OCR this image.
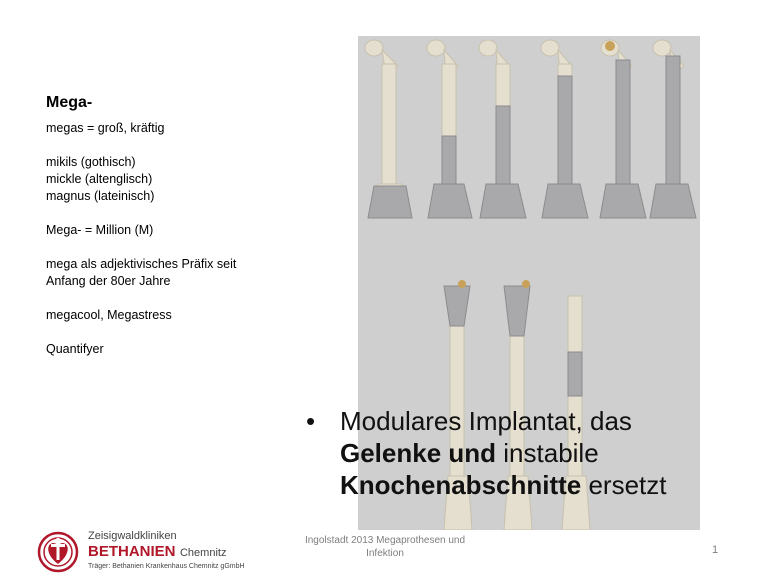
Mega-

megas = groß, kräftig

mikils (gothisch)

mickle (altenglisch)

magnus (lateinisch)

Mega- = Million (M)

mega als adjektivisches Präfix seit

Anfang der 80er Jahre

megacool, Megastress

Quantifyer

• Modulares Implantat, das Gelenke und instabile Knochenabschnitte ersetzt
Zeisigwaldkliniken
BETHANIEN Chemnitz
Träger: Bethanien Krankenhaus Chemnitz gGmbH
Ingolstadt 2013 Megaprothesen und
Infektion	1
